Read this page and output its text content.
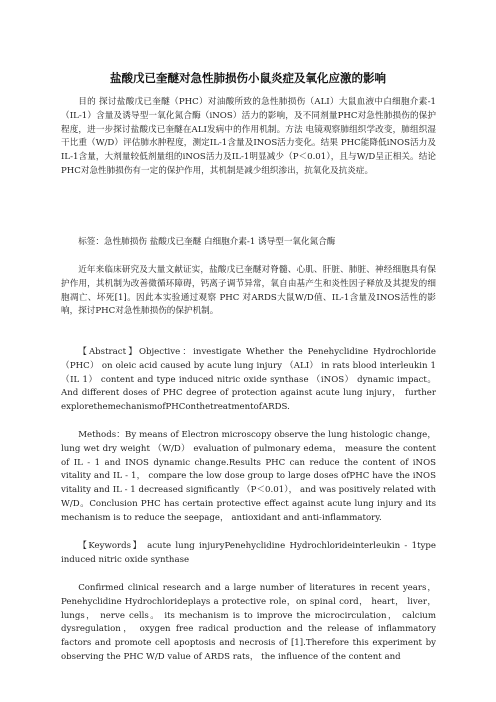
盐酸戊已奎醚对急性肺损伤小鼠炎症及氧化应激的影响

目的 探讨盐酸戊已奎醚（PHC）对油酸所致的急性肺损伤（ALI）大鼠血液中白细胞介素-1（IL-1）含量及诱导型一氧化氮合酶（iNOS）活力的影响，及不同剂量PHC对急性肺损伤的保护程度，进一步探讨盐酸戊已奎醚在ALI发病中的作用机制。方法 电镜观察肺组织学改变，肺组织湿干比重（W/D）评估肺水肿程度，测定IL-1含量及INOS活力变化。结果 PHC能降低iNOS活力及IL-1含量，大剂量较低剂量组的iNOS活力及IL-1明显减少（P＜0.01），且与W/D呈正相关。结论 PHC对急性肺损伤有一定的保护作用，其机制是减少组织渗出，抗氧化及抗炎症。

标签：急性肺损伤 盐酸戊已奎醚 白细胞介素-1 诱导型一氧化氮合酶

近年来临床研究及大量文献证实，盐酸戊已奎醚对脊髓、心肌、肝脏、肺脏、神经细胞具有保护作用，其机制为改善微循环障碍，钙离子调节异常，氧自由基产生和炎性因子释放及其提发的细胞凋亡、坏死[1]。因此本实验通过观察 PHC 对ARDS大鼠W/D值、IL-1含量及INOS活性的影响，探讨PHC对急性肺损伤的保护机制。

【Abstract】Objective：investigate Whether the Penehyclidine Hydrochloride （PHC） on oleic acid caused by acute lung injury （ALI） in rats blood interleukin 1（IL 1） content and type induced nitric oxide synthase （iNOS） dynamic impact。And different doses of PHC degree of protection against acute lung injury， further explorethemechanismofPHConthetreatmentofARDS.

Methods：By means of Electron microscopy observe the lung histologic change， lung wet dry weight （W/D） evaluation of pulmonary edema， measure the content of IL - 1 and INOS dynamic change.Results PHC can reduce the content of iNOS vitality and IL - 1， compare the low dose group to large doses ofPHC have the iNOS vitality and IL - 1 decreased significantly （P＜0.01）， and was positively related with W/D。Conclusion PHC has certain protective effect against acute lung injury and its mechanism is to reduce the seepage， antioxidant and anti-inflammatory.

【Keywords】 acute lung injuryPenehyclidine Hydrochlorideinterleukin - 1type induced nitric oxide synthase

Confirmed clinical research and a large number of literatures in recent years，Penehyclidine Hydrochlorideplays a protective role，on spinal cord， heart， liver，lungs， nerve cells。 its mechanism is to improve the microcirculation， calcium dysregulation， oxygen free radical production and the release of inflammatory factors and promote cell apoptosis and necrosis of [1].Therefore this experiment by observing the PHC W/D value of ARDS rats， the influence of the content and
